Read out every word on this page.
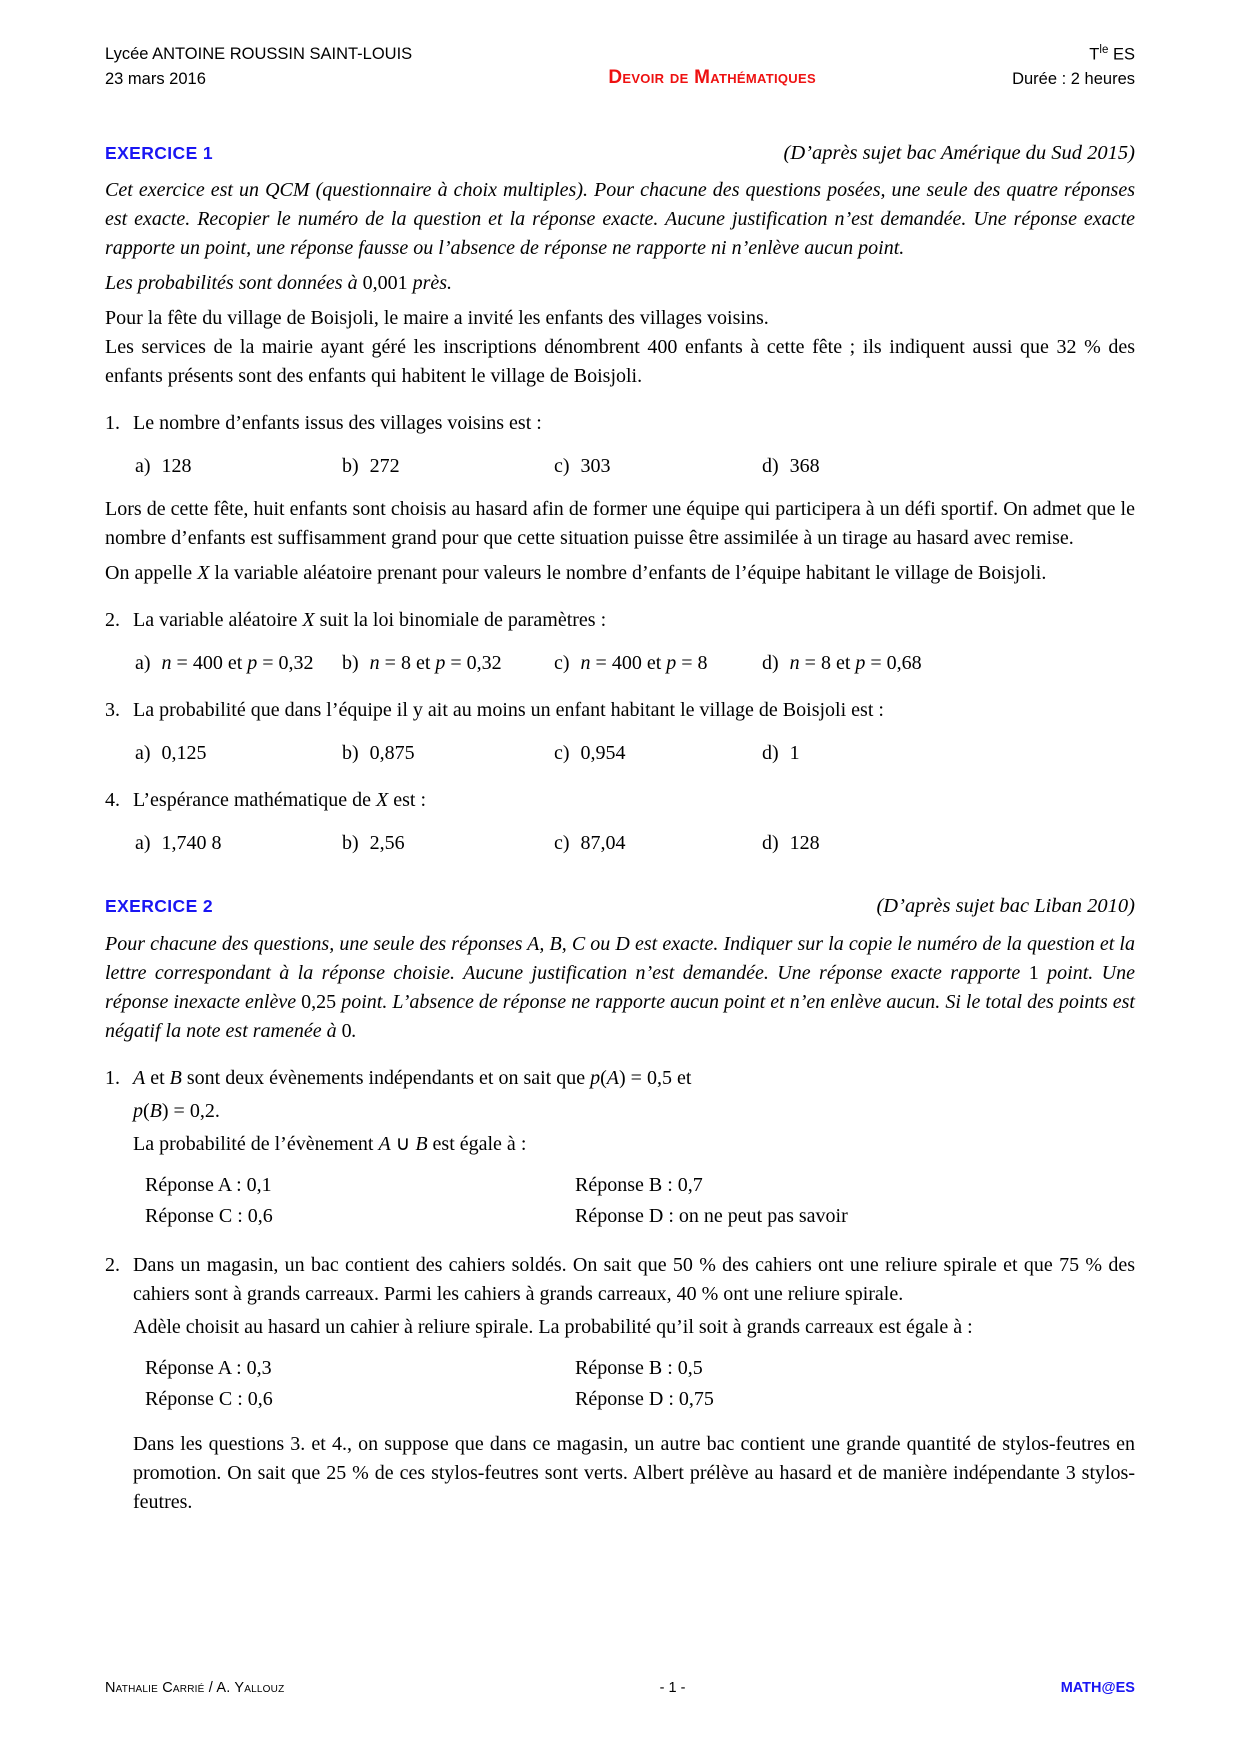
Lycée ANTOINE ROUSSIN SAINT-LOUIS
23 mars 2016	Devoir de Mathématiques
$T^{le}$ ES
Durée : 2 heures
EXERCICE 1	(D’après sujet bac Amérique du Sud 2015)
Cet exercice est un QCM (questionnaire à choix multiples). Pour chacune des questions posées, une seule des quatre réponses est exacte. Recopier le numéro de la question et la réponse exacte. Aucune justification n’est demandée. Une réponse exacte rapporte un point, une réponse fausse ou l’absence de réponse ne rapporte ni n’enlève aucun point.
Les probabilités sont données à 0,001 près.
Pour la fête du village de Boisjoli, le maire a invité les enfants des villages voisins.
Les services de la mairie ayant géré les inscriptions dénombrent 400 enfants à cette fête ; ils indiquent aussi que 32 % des enfants présents sont des enfants qui habitent le village de Boisjoli.
1. Le nombre d’enfants issus des villages voisins est :
a) 128	b) 272	c) 303	d) 368
Lors de cette fête, huit enfants sont choisis au hasard afin de former une équipe qui participera à un défi sportif. On admet que le nombre d’enfants est suffisamment grand pour que cette situation puisse être assimilée à un tirage au hasard avec remise.
On appelle X la variable aléatoire prenant pour valeurs le nombre d’enfants de l’équipe habitant le village de Boisjoli.
2. La variable aléatoire X suit la loi binomiale de paramètres :
a) n = 400 et p = 0,32	b) n = 8 et p = 0,32	c) n = 400 et p = 8	d) n = 8 et p = 0,68
3. La probabilité que dans l’équipe il y ait au moins un enfant habitant le village de Boisjoli est :
a) 0,125	b) 0,875	c) 0,954	d) 1
4. L’espérance mathématique de X est :
a) 1,740 8	b) 2,56	c) 87,04	d) 128
EXERCICE 2	(D’après sujet bac Liban 2010)
Pour chacune des questions, une seule des réponses A, B, C ou D est exacte. Indiquer sur la copie le numéro de la question et la lettre correspondant à la réponse choisie. Aucune justification n’est demandée. Une réponse exacte rapporte 1 point. Une réponse inexacte enlève 0,25 point. L’absence de réponse ne rapporte aucun point et n’en enlève aucun. Si le total des points est négatif la note est ramenée à 0.
1. A et B sont deux évènements indépendants et on sait que p(A) = 0,5 et
p(B) = 0,2.
La probabilité de l’évènement A ∪ B est égale à :
Réponse A : 0,1	Réponse B : 0,7
Réponse C : 0,6	Réponse D : on ne peut pas savoir
2. Dans un magasin, un bac contient des cahiers soldés. On sait que 50 % des cahiers ont une reliure spirale et que 75 % des cahiers sont à grands carreaux. Parmi les cahiers à grands carreaux, 40 % ont une reliure spirale.
Adèle choisit au hasard un cahier à reliure spirale. La probabilité qu’il soit à grands carreaux est égale à :
Réponse A : 0,3	Réponse B : 0,5
Réponse C : 0,6	Réponse D : 0,75
Dans les questions 3. et 4., on suppose que dans ce magasin, un autre bac contient une grande quantité de stylos-feutres en promotion. On sait que 25 % de ces stylos-feutres sont verts. Albert prélève au hasard et de manière indépendante 3 stylos-feutres.
Nathalie Carrié / A. Yallouz	- 1 -	MATH@ES
